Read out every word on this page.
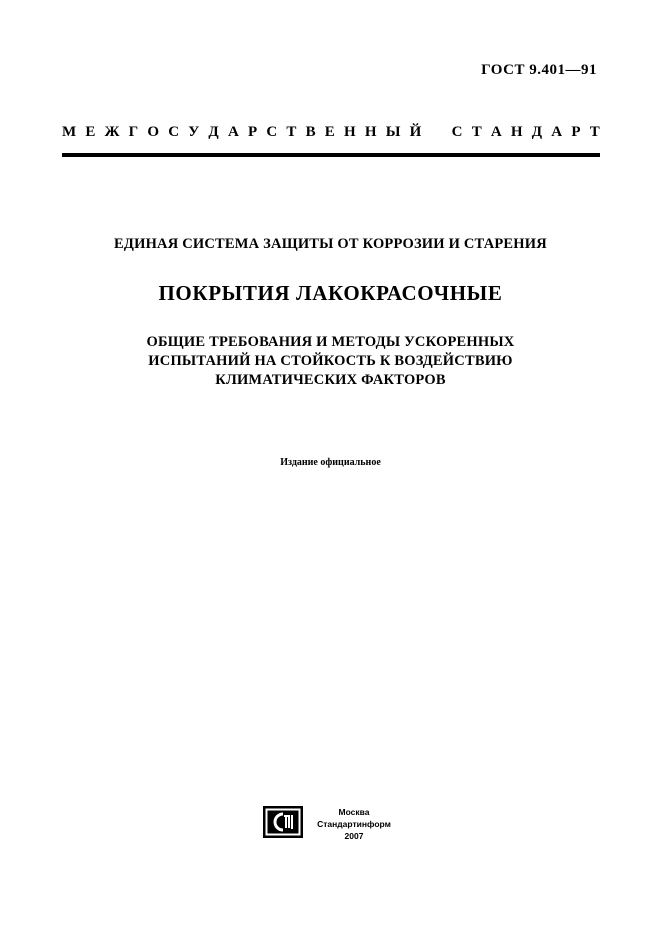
ГОСТ 9.401—91
М Е Ж Г О С У Д А Р С Т В Е Н Н Ы Й С Т А Н Д А Р Т
ЕДИНАЯ СИСТЕМА ЗАЩИТЫ ОТ КОРРОЗИИ И СТАРЕНИЯ
ПОКРЫТИЯ ЛАКОКРАСОЧНЫЕ
ОБЩИЕ ТРЕБОВАНИЯ И МЕТОДЫ УСКОРЕННЫХ
ИСПЫТАНИЙ НА СТОЙКОСТЬ К ВОЗДЕЙСТВИЮ
КЛИМАТИЧЕСКИХ ФАКТОРОВ
Издание официальное
Москва
Стандартинформ
2007
